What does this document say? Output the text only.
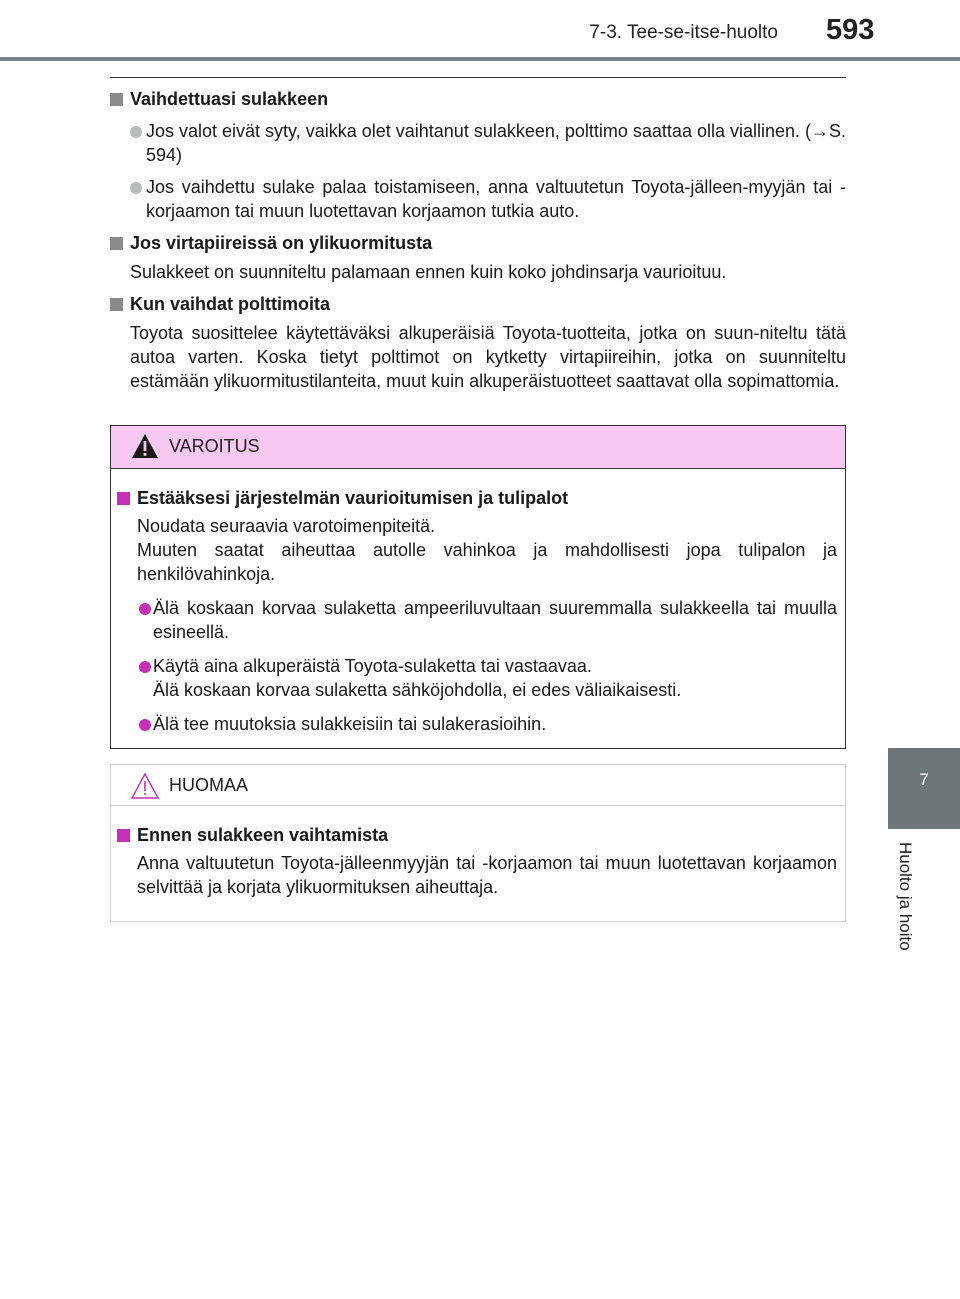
7-3. Tee-se-itse-huolto 593
7
Huolto ja hoito
Vaihdettuasi sulakkeen
Jos valot eivät syty, vaikka olet vaihtanut sulakkeen, polttimo saattaa olla viallinen. (→S. 594)
Jos vaihdettu sulake palaa toistamiseen, anna valtuutetun Toyota-jälleen-myyjän tai -korjaamon tai muun luotettavan korjaamon tutkia auto.
Jos virtapiireissä on ylikuormitusta

Sulakkeet on suunniteltu palamaan ennen kuin koko johdinsarja vaurioituu.

Kun vaihdat polttimoita

Toyota suosittelee käytettäväksi alkuperäisiä Toyota-tuotteita, jotka on suun-niteltu tätä autoa varten. Koska tietyt polttimot on kytketty virtapiireihin, jotka on suunniteltu estämään ylikuormitustilanteita, muut kuin alkuperäistuotteet saattavat olla sopimattomia.

VAROITUS
Estääksesi järjestelmän vaurioitumisen ja tulipalot

Noudata seuraavia varotoimenpiteitä.

Muuten saatat aiheuttaa autolle vahinkoa ja mahdollisesti jopa tulipalon ja henkilövahinkoja.

Älä koskaan korvaa sulaketta ampeeriluvultaan suuremmalla sulakkeella tai muulla esineellä.
Käytä aina alkuperäistä Toyota-sulaketta tai vastaavaa.
Älä koskaan korvaa sulaketta sähköjohdolla, ei edes väliaikaisesti.
Älä tee muutoksia sulakkeisiin tai sulakerasioihin.
HUOMAA
Ennen sulakkeen vaihtamista

Anna valtuutetun Toyota-jälleenmyyjän tai -korjaamon tai muun luotettavan korjaamon selvittää ja korjata ylikuormituksen aiheuttaja.
